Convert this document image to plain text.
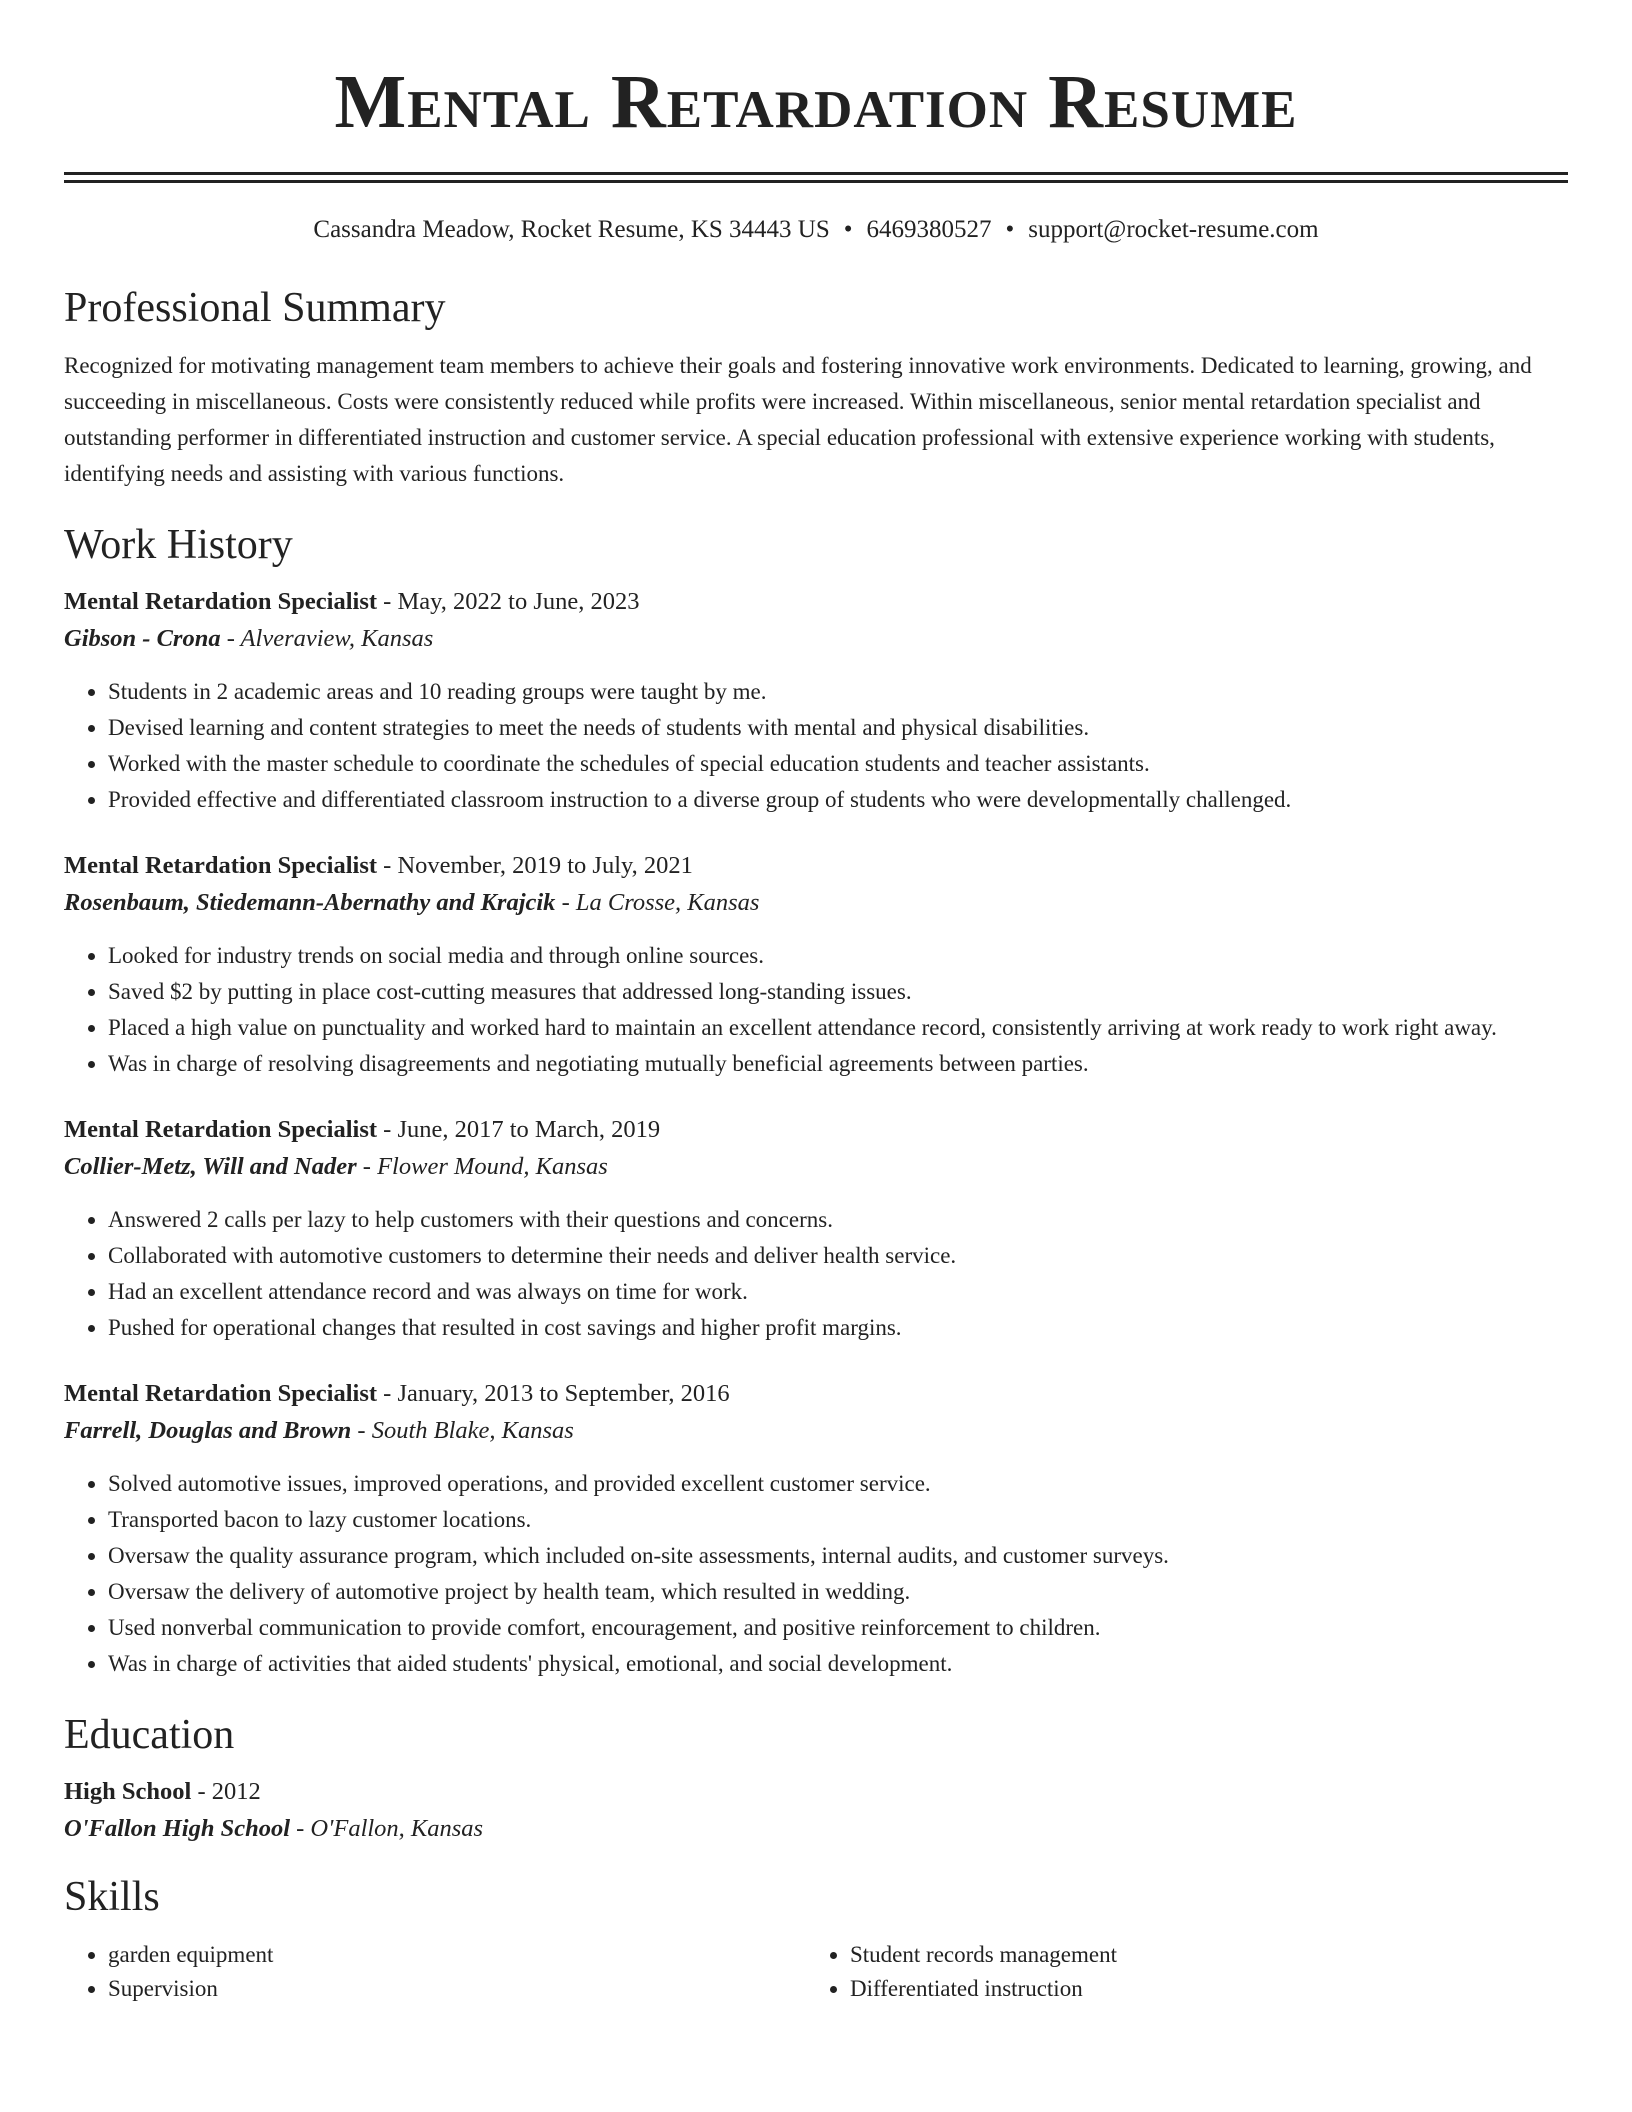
Mental Retardation Resume
Cassandra Meadow, Rocket Resume, KS 34443 US • 6469380527 • support@rocket-resume.com
Professional Summary
Recognized for motivating management team members to achieve their goals and fostering innovative work environments. Dedicated to learning, growing, and succeeding in miscellaneous. Costs were consistently reduced while profits were increased. Within miscellaneous, senior mental retardation specialist and outstanding performer in differentiated instruction and customer service. A special education professional with extensive experience working with students, identifying needs and assisting with various functions.
Work History
Mental Retardation Specialist - May, 2022 to June, 2023
Gibson - Crona - Alveraview, Kansas
• Students in 2 academic areas and 10 reading groups were taught by me.
• Devised learning and content strategies to meet the needs of students with mental and physical disabilities.
• Worked with the master schedule to coordinate the schedules of special education students and teacher assistants.
• Provided effective and differentiated classroom instruction to a diverse group of students who were developmentally challenged.
Mental Retardation Specialist - November, 2019 to July, 2021
Rosenbaum, Stiedemann-Abernathy and Krajcik - La Crosse, Kansas
• Looked for industry trends on social media and through online sources.
• Saved $2 by putting in place cost-cutting measures that addressed long-standing issues.
• Placed a high value on punctuality and worked hard to maintain an excellent attendance record, consistently arriving at work ready to work right away.
• Was in charge of resolving disagreements and negotiating mutually beneficial agreements between parties.
Mental Retardation Specialist - June, 2017 to March, 2019
Collier-Metz, Will and Nader - Flower Mound, Kansas
• Answered 2 calls per lazy to help customers with their questions and concerns.
• Collaborated with automotive customers to determine their needs and deliver health service.
• Had an excellent attendance record and was always on time for work.
• Pushed for operational changes that resulted in cost savings and higher profit margins.
Mental Retardation Specialist - January, 2013 to September, 2016
Farrell, Douglas and Brown - South Blake, Kansas
• Solved automotive issues, improved operations, and provided excellent customer service.
• Transported bacon to lazy customer locations.
• Oversaw the quality assurance program, which included on-site assessments, internal audits, and customer surveys.
• Oversaw the delivery of automotive project by health team, which resulted in wedding.
• Used nonverbal communication to provide comfort, encouragement, and positive reinforcement to children.
• Was in charge of activities that aided students' physical, emotional, and social development.
Education
High School - 2012
O'Fallon High School - O'Fallon, Kansas
Skills
• garden equipment
• Supervision
• Student records management
• Differentiated instruction
